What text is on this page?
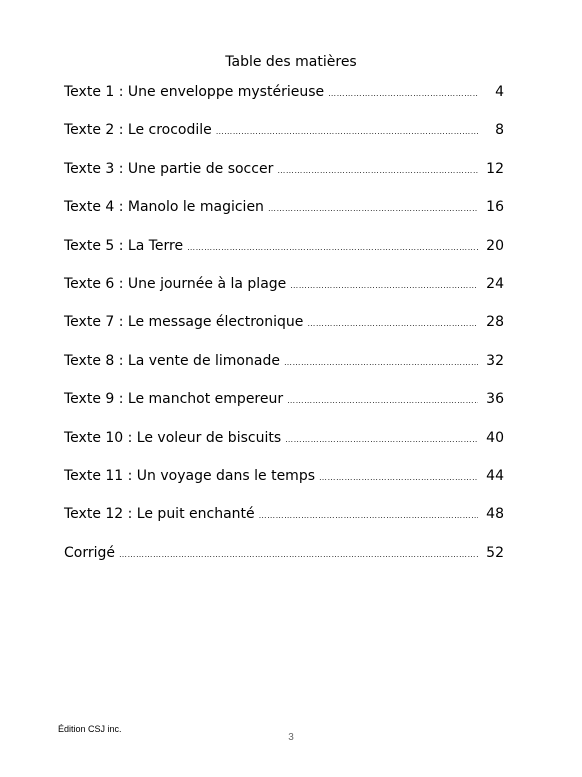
Table des matières
Texte 1 : Une enveloppe mystérieuse ………………………………………………………………………………………………………………………………………………………………………………	4
Texte 2 : Le crocodile ………………………………………………………………………………………………………………………………………………………………………………	8
Texte 3 : Une partie de soccer ………………………………………………………………………………………………………………………………………………………………………………	12
Texte 4 : Manolo le magicien ………………………………………………………………………………………………………………………………………………………………………………	16
Texte 5 : La Terre ………………………………………………………………………………………………………………………………………………………………………………	20
Texte 6 : Une journée à la plage ………………………………………………………………………………………………………………………………………………………………………………	24
Texte 7 : Le message électronique ………………………………………………………………………………………………………………………………………………………………………………	28
Texte 8 : La vente de limonade ………………………………………………………………………………………………………………………………………………………………………………	32
Texte 9 : Le manchot empereur ………………………………………………………………………………………………………………………………………………………………………………	36
Texte 10 : Le voleur de biscuits ………………………………………………………………………………………………………………………………………………………………………………	40
Texte 11 : Un voyage dans le temps ………………………………………………………………………………………………………………………………………………………………………………	44
Texte 12 : Le puit enchanté ………………………………………………………………………………………………………………………………………………………………………………	48
Corrigé ………………………………………………………………………………………………………………………………………………………………………………	52
Édition CSJ inc.
3
